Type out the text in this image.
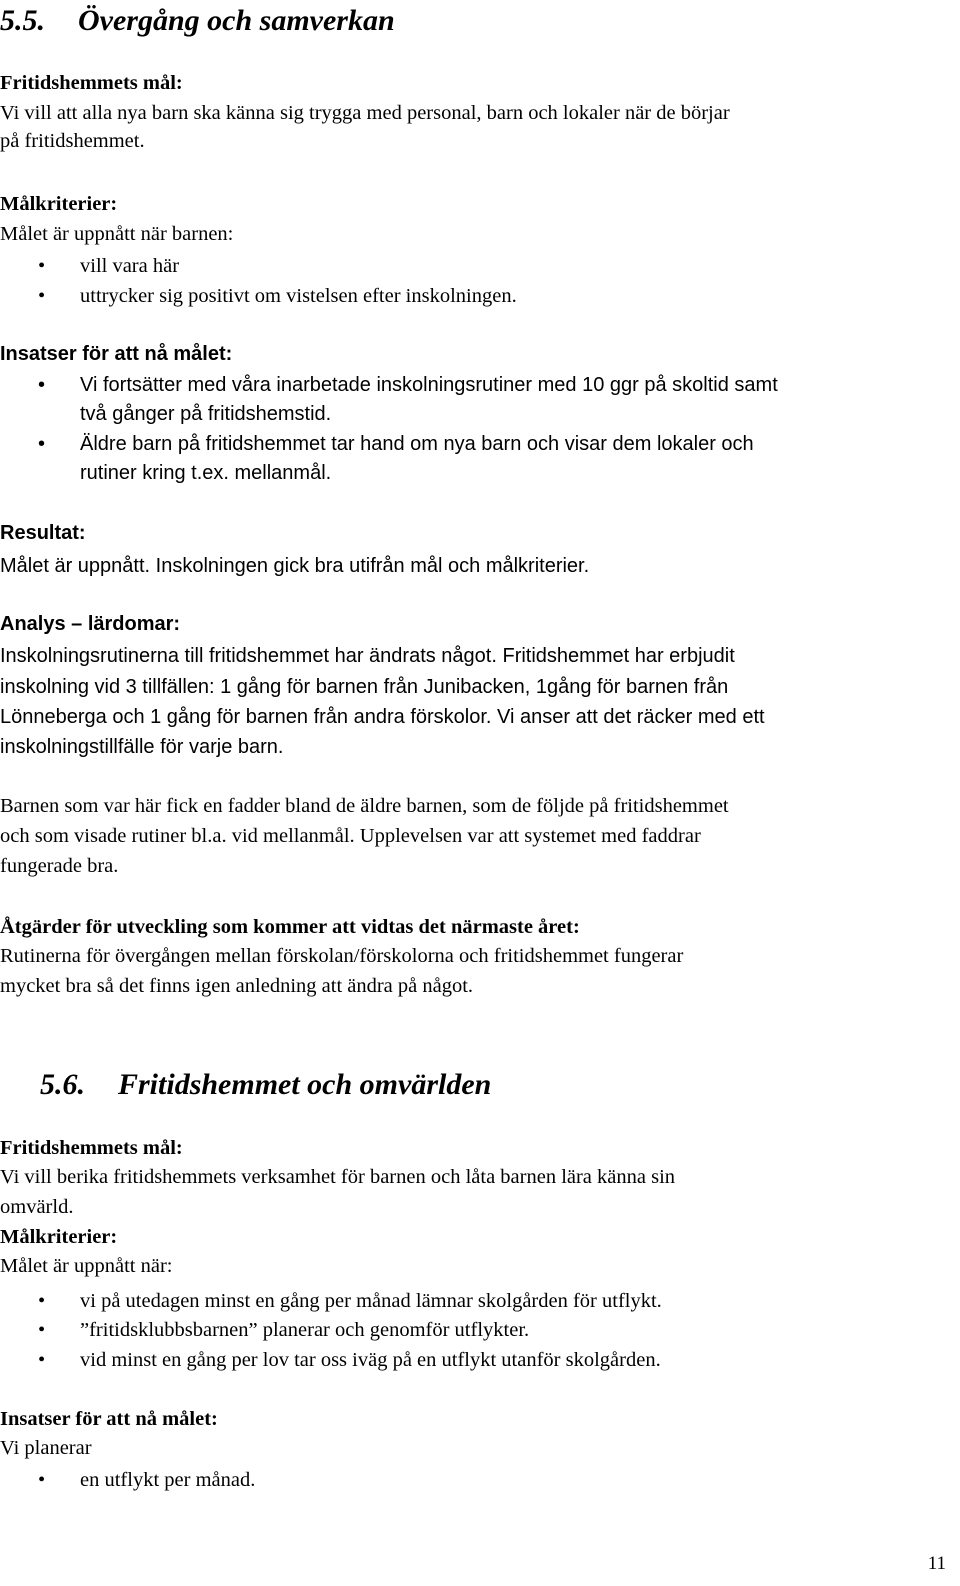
5.5. Övergång och samverkan
Fritidshemmets mål:
Vi vill att alla nya barn ska känna sig trygga med personal, barn och lokaler när de börjar
på fritidshemmet.
Målkriterier:
Målet är uppnått när barnen:
• vill vara här
• uttrycker sig positivt om vistelsen efter inskolningen.
Insatser för att nå målet:
• Vi fortsätter med våra inarbetade inskolningsrutiner med 10 ggr på skoltid samt
två gånger på fritidshemstid.
• Äldre barn på fritidshemmet tar hand om nya barn och visar dem lokaler och
rutiner kring t.ex. mellanmål.
Resultat:
Målet är uppnått. Inskolningen gick bra utifrån mål och målkriterier.
Analys – lärdomar:
Inskolningsrutinerna till fritidshemmet har ändrats något. Fritidshemmet har erbjudit
inskolning vid 3 tillfällen: 1 gång för barnen från Junibacken, 1gång för barnen från
Lönneberga och 1 gång för barnen från andra förskolor. Vi anser att det räcker med ett
inskolningstillfälle för varje barn.
Barnen som var här fick en fadder bland de äldre barnen, som de följde på fritidshemmet
och som visade rutiner bl.a. vid mellanmål. Upplevelsen var att systemet med faddrar
fungerade bra.
Åtgärder för utveckling som kommer att vidtas det närmaste året:
Rutinerna för övergången mellan förskolan/förskolorna och fritidshemmet fungerar
mycket bra så det finns igen anledning att ändra på något.
5.6. Fritidshemmet och omvärlden
Fritidshemmets mål:
Vi vill berika fritidshemmets verksamhet för barnen och låta barnen lära känna sin
omvärld.
Målkriterier:
Målet är uppnått när:
• vi på utedagen minst en gång per månad lämnar skolgården för utflykt.
• ”fritidsklubbsbarnen” planerar och genomför utflykter.
• vid minst en gång per lov tar oss iväg på en utflykt utanför skolgården.
Insatser för att nå målet:
Vi planerar
• en utflykt per månad.
11
